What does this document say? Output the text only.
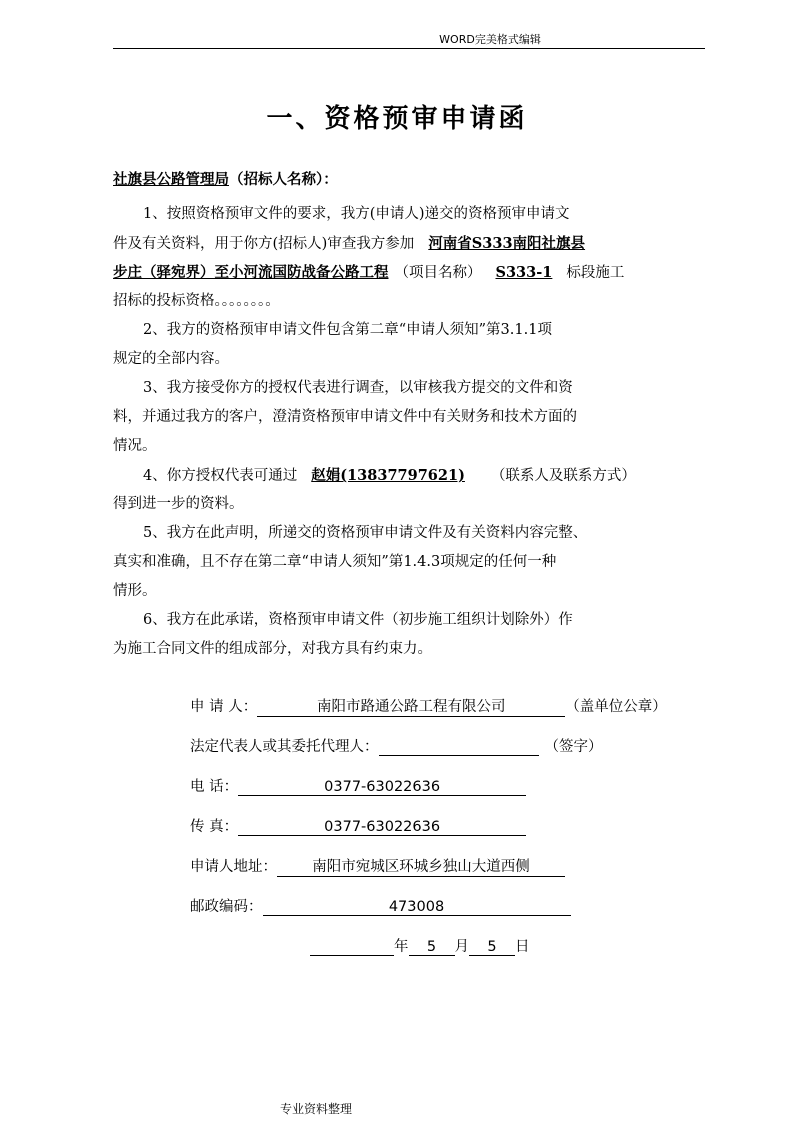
WORD完美格式编辑
一、资格预审申请函
社旗县公路管理局（招标人名称）：
1、按照资格预审文件的要求，我方(申请人)递交的资格预审申请文
件及有关资料，用于你方(招标人)审查我方参加 河南省S333南阳社旗县
步庄（驿宛界）至小河流国防战备公路工程 （项目名称） S333-1 标段施工
招标的投标资格。。。。。。。。
2、我方的资格预审申请文件包含第二章“申请人须知”第3.1.1项
规定的全部内容。
3、我方接受你方的授权代表进行调查，以审核我方提交的文件和资
料，并通过我方的客户，澄清资格预审申请文件中有关财务和技术方面的
情况。
4、你方授权代表可通过 赵娟(13837797621) （联系人及联系方式）
得到进一步的资料。
5、我方在此声明，所递交的资格预审申请文件及有关资料内容完整、
真实和准确，且不存在第二章“申请人须知”第1.4.3项规定的任何一种
情形。
6、我方在此承诺，资格预审申请文件（初步施工组织计划除外）作
为施工合同文件的组成部分，对我方具有约束力。
申 请 人：	南阳市路通公路工程有限公司	（盖单位公章）
法定代表人或其委托代理人：	（签字）
电 话：	0377-63022636
传 真：	0377-63022636
申请人地址： 南阳市宛城区环城乡独山大道西侧
邮政编码：	473008
年 5 月 5 日
专业资料整理
